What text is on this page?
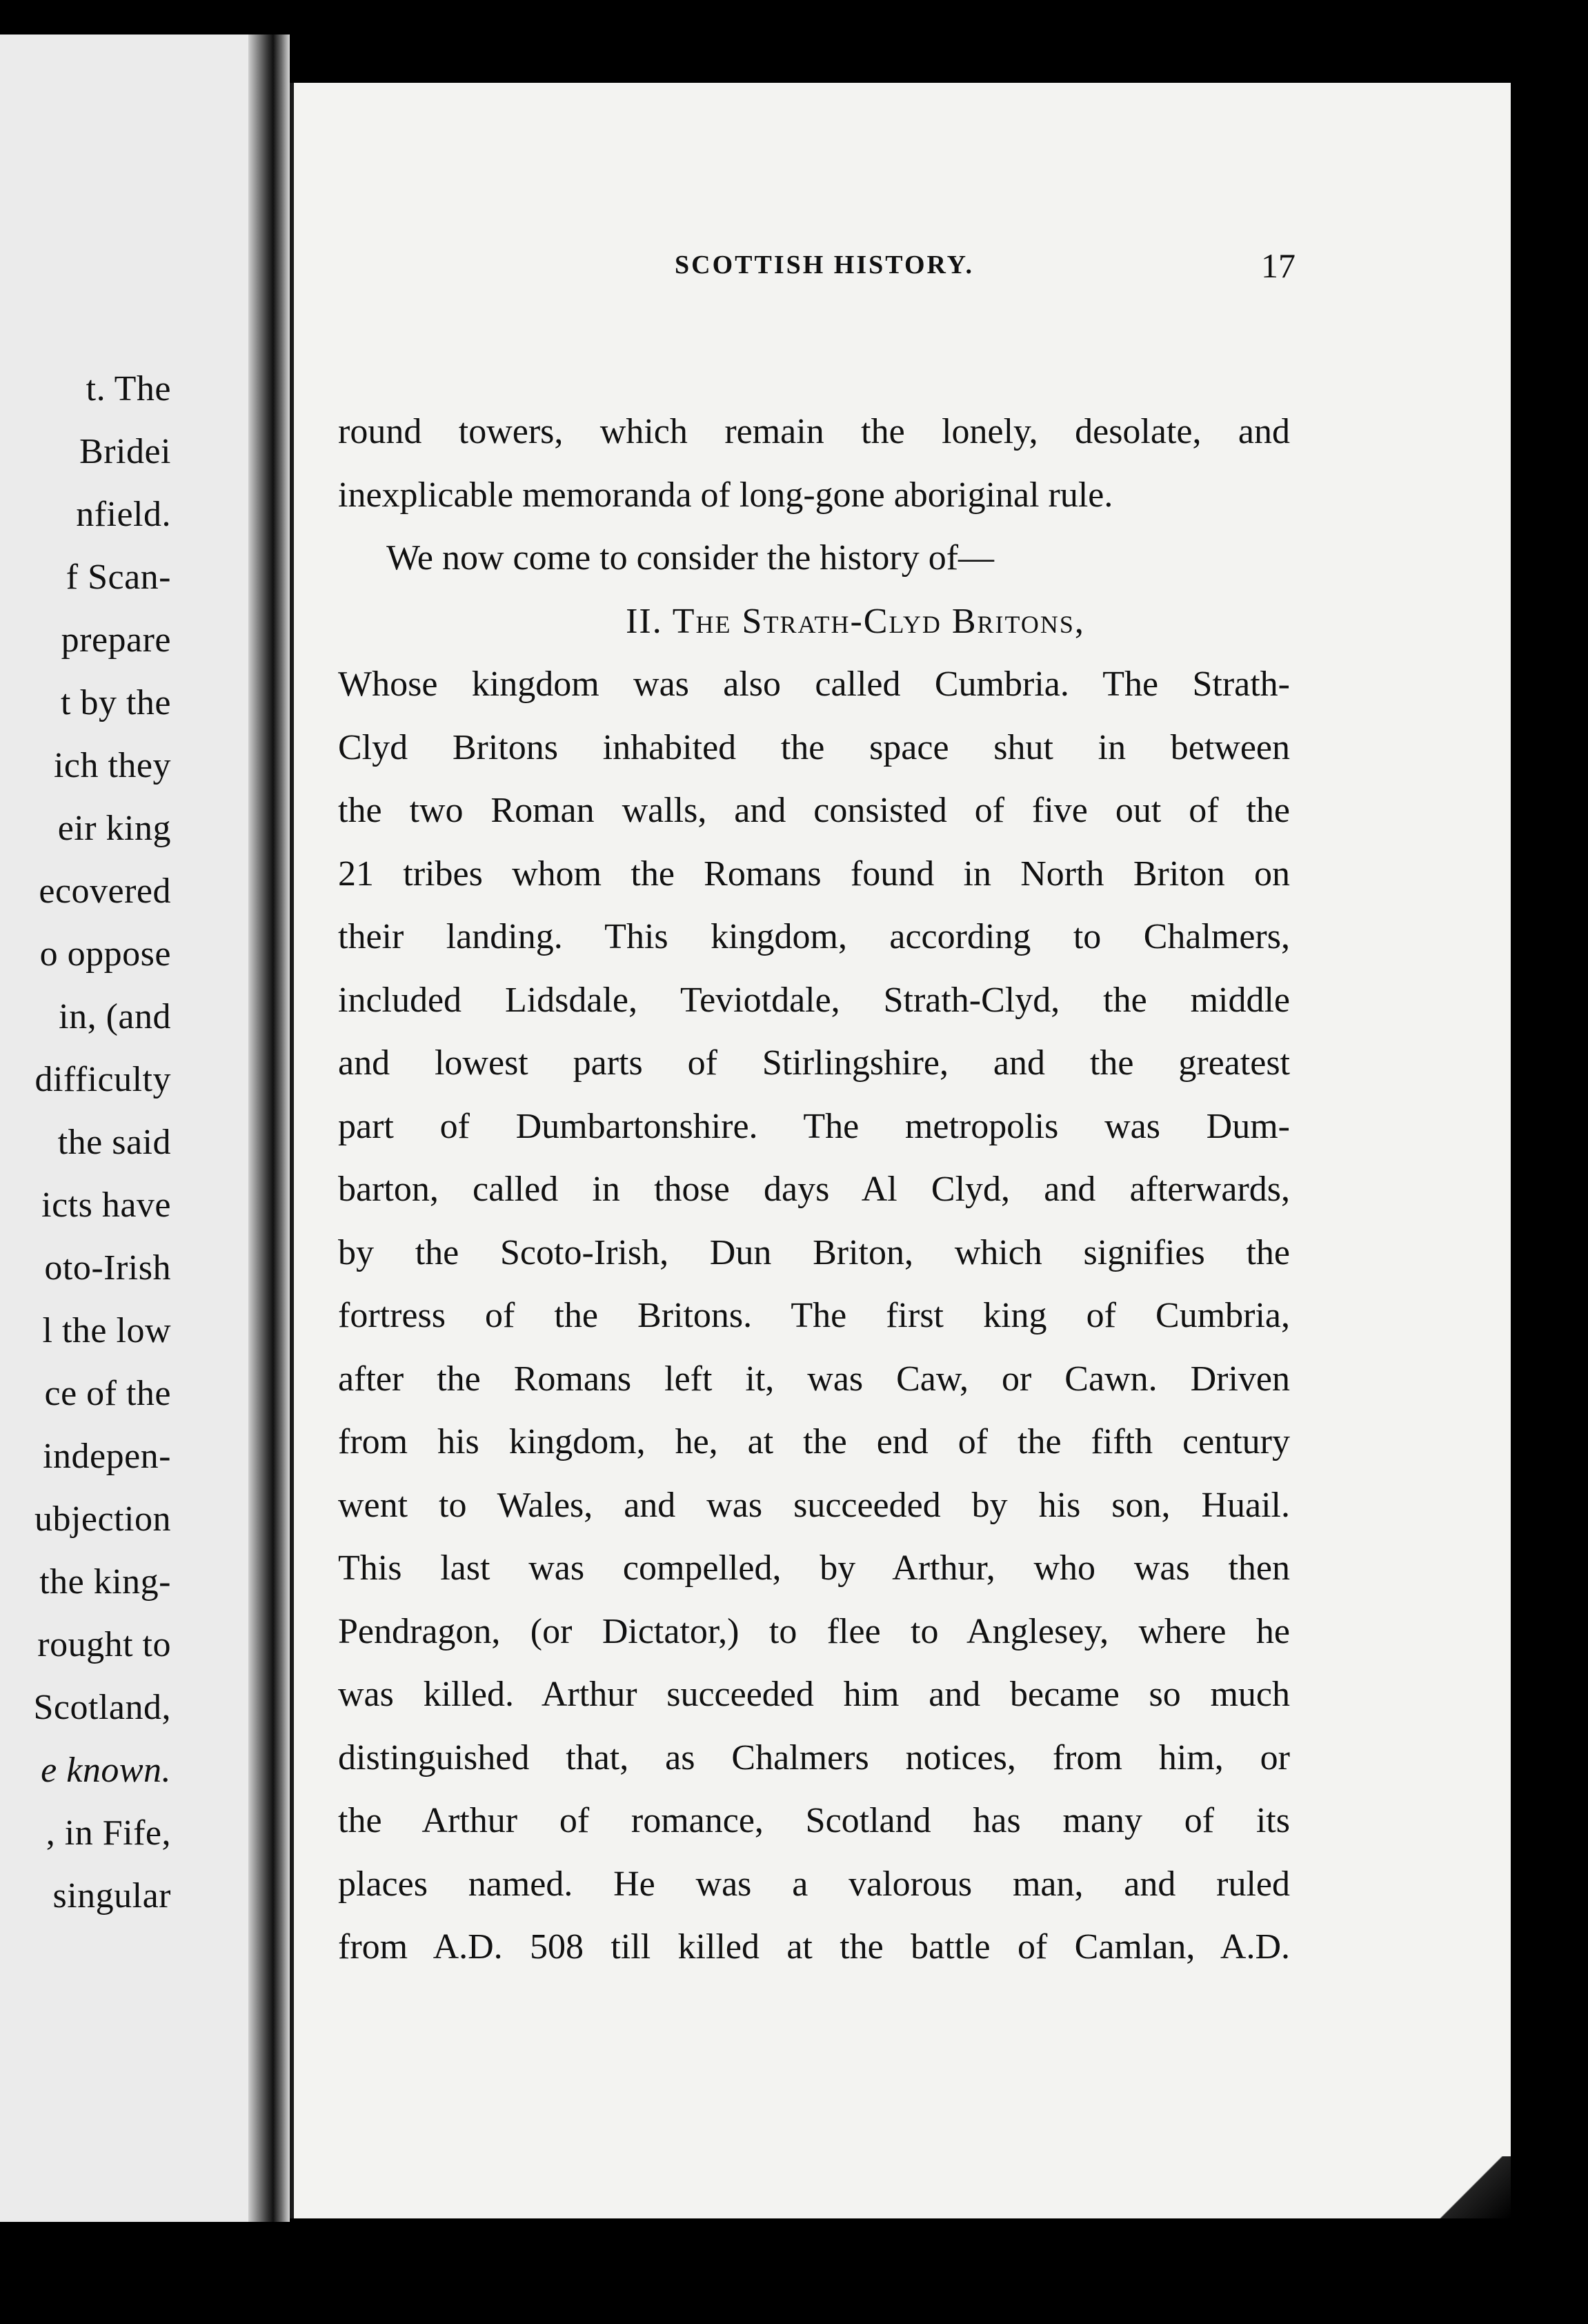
t. The
Bridei
nfield.
f Scan-
prepare
t by the
ich they
eir king
ecovered
o oppose
in, (and
difficulty
the said
icts have
oto-Irish
l the low
ce of the
indepen-
ubjection
the king-
rought to
Scotland,
e known.
, in Fife,
singular
SCOTTISH HISTORY.	17
round towers, which remain the lonely, desolate, and
inexplicable memoranda of long-gone aboriginal rule.
We now come to consider the history of—
II. The Strath-Clyd Britons,
Whose kingdom was also called Cumbria. The Strath-
Clyd Britons inhabited the space shut in between
the two Roman walls, and consisted of five out of the
21 tribes whom the Romans found in North Briton on
their landing. This kingdom, according to Chalmers,
included Lidsdale, Teviotdale, Strath-Clyd, the middle
and lowest parts of Stirlingshire, and the greatest
part of Dumbartonshire. The metropolis was Dum-
barton, called in those days Al Clyd, and afterwards,
by the Scoto-Irish, Dun Briton, which signifies the
fortress of the Britons. The first king of Cumbria,
after the Romans left it, was Caw, or Cawn. Driven
from his kingdom, he, at the end of the fifth century
went to Wales, and was succeeded by his son, Huail.
This last was compelled, by Arthur, who was then
Pendragon, (or Dictator,) to flee to Anglesey, where he
was killed. Arthur succeeded him and became so much
distinguished that, as Chalmers notices, from him, or
the Arthur of romance, Scotland has many of its
places named. He was a valorous man, and ruled
from A.D. 508 till killed at the battle of Camlan, A.D.
